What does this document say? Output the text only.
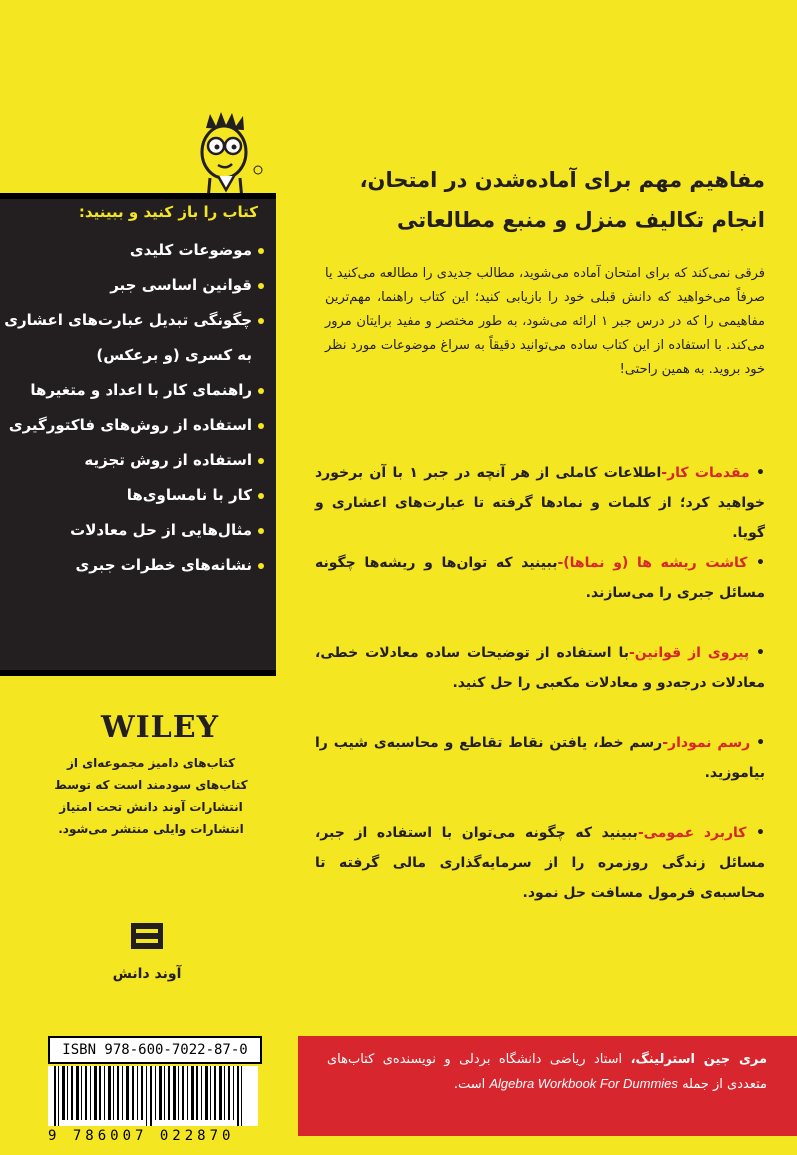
کتاب را باز کنید و ببینید:
موضوعات کلیدی
قوانین اساسی جبر
چگونگی تبدیل عبارت‌های اعشاری
به کسری (و برعکس)
راهنمای کار با اعداد و متغیرها
استفاده از روش‌های فاکتورگیری
استفاده از روش تجزیه
کار با نامساوی‌ها
مثال‌هایی از حل معادلات
نشانه‌های خطرات جبری
مفاهیم مهم برای آماده‌شدن در امتحان، انجام تکالیف منزل و منبع مطالعاتی
فرقی نمی‌کند که برای امتحان آماده می‌شوید، مطالب جدیدی را مطالعه می‌کنید یا صرفاً می‌خواهید که دانش قبلی خود را بازیابی کنید؛ این کتاب راهنما، مهم‌ترین مفاهیمی را که در درس جبر ۱ ارائه می‌شود، به طور مختصر و مفید برایتان مرور می‌کند. با استفاده از این کتاب ساده می‌توانید دقیقاً به سراغ موضوعات مورد نظر خود بروید. به همین راحتی!
• مقدمات کار-اطلاعات کاملی از هر آنچه در جبر ۱ با آن برخورد خواهید کرد؛ از کلمات و نمادها گرفته تا عبارت‌های اعشاری و گویا.
• کاشت ریشه ها (و نماها)-ببینید که توان‌ها و ریشه‌ها چگونه مسائل جبری را می‌سازند.
• پیروی از قوانین-با استفاده از توضیحات ساده معادلات خطی، معادلات درجه‌دو و معادلات مکعبی را حل کنید.
• رسم نمودار-رسم خط، یافتن نقاط تقاطع و محاسبه‌ی شیب را بیاموزید.
• کاربرد عمومی-ببینید که چگونه می‌توان با استفاده از جبر، مسائل زندگی روزمره را از سرمایه‌گذاری مالی گرفته تا محاسبه‌ی فرمول مسافت حل نمود.
WILEY
کتاب‌های دامیز مجموعه‌ای از کتاب‌های سودمند است که توسط انتشارات آوند دانش تحت امتیاز انتشارات وایلی منتشر می‌شود.
آوند دانش
ISBN 978-600-7022-87-0
9 786007 022870
مری جین استرلینگ، استاد ریاضی دانشگاه بردلی و نویسنده‌ی کتاب‌های متعددی از جمله Algebra Workbook For Dummies است.
